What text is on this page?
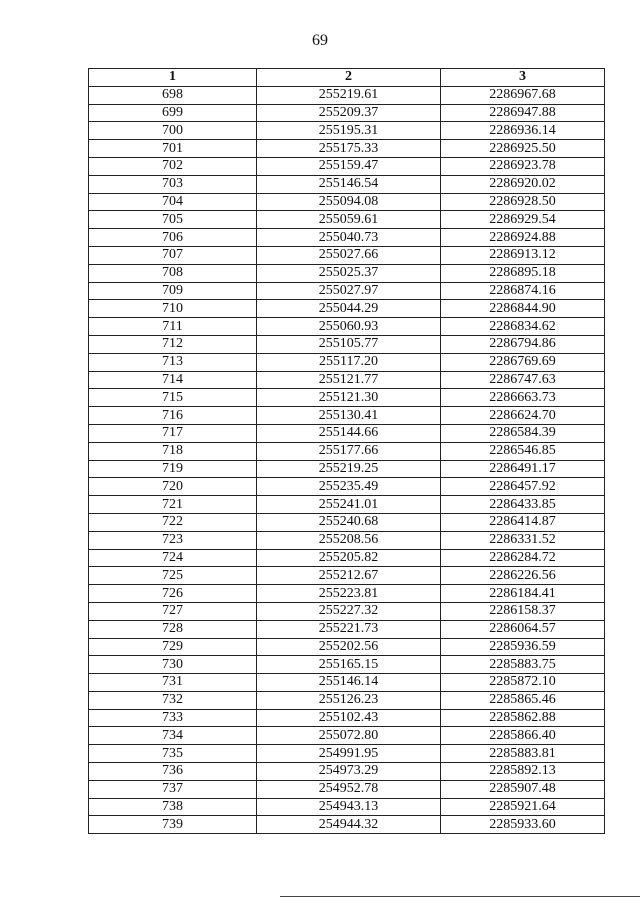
69
1	2	3
698	255219.61	2286967.68
699	255209.37	2286947.88
700	255195.31	2286936.14
701	255175.33	2286925.50
702	255159.47	2286923.78
703	255146.54	2286920.02
704	255094.08	2286928.50
705	255059.61	2286929.54
706	255040.73	2286924.88
707	255027.66	2286913.12
708	255025.37	2286895.18
709	255027.97	2286874.16
710	255044.29	2286844.90
711	255060.93	2286834.62
712	255105.77	2286794.86
713	255117.20	2286769.69
714	255121.77	2286747.63
715	255121.30	2286663.73
716	255130.41	2286624.70
717	255144.66	2286584.39
718	255177.66	2286546.85
719	255219.25	2286491.17
720	255235.49	2286457.92
721	255241.01	2286433.85
722	255240.68	2286414.87
723	255208.56	2286331.52
724	255205.82	2286284.72
725	255212.67	2286226.56
726	255223.81	2286184.41
727	255227.32	2286158.37
728	255221.73	2286064.57
729	255202.56	2285936.59
730	255165.15	2285883.75
731	255146.14	2285872.10
732	255126.23	2285865.46
733	255102.43	2285862.88
734	255072.80	2285866.40
735	254991.95	2285883.81
736	254973.29	2285892.13
737	254952.78	2285907.48
738	254943.13	2285921.64
739	254944.32	2285933.60
